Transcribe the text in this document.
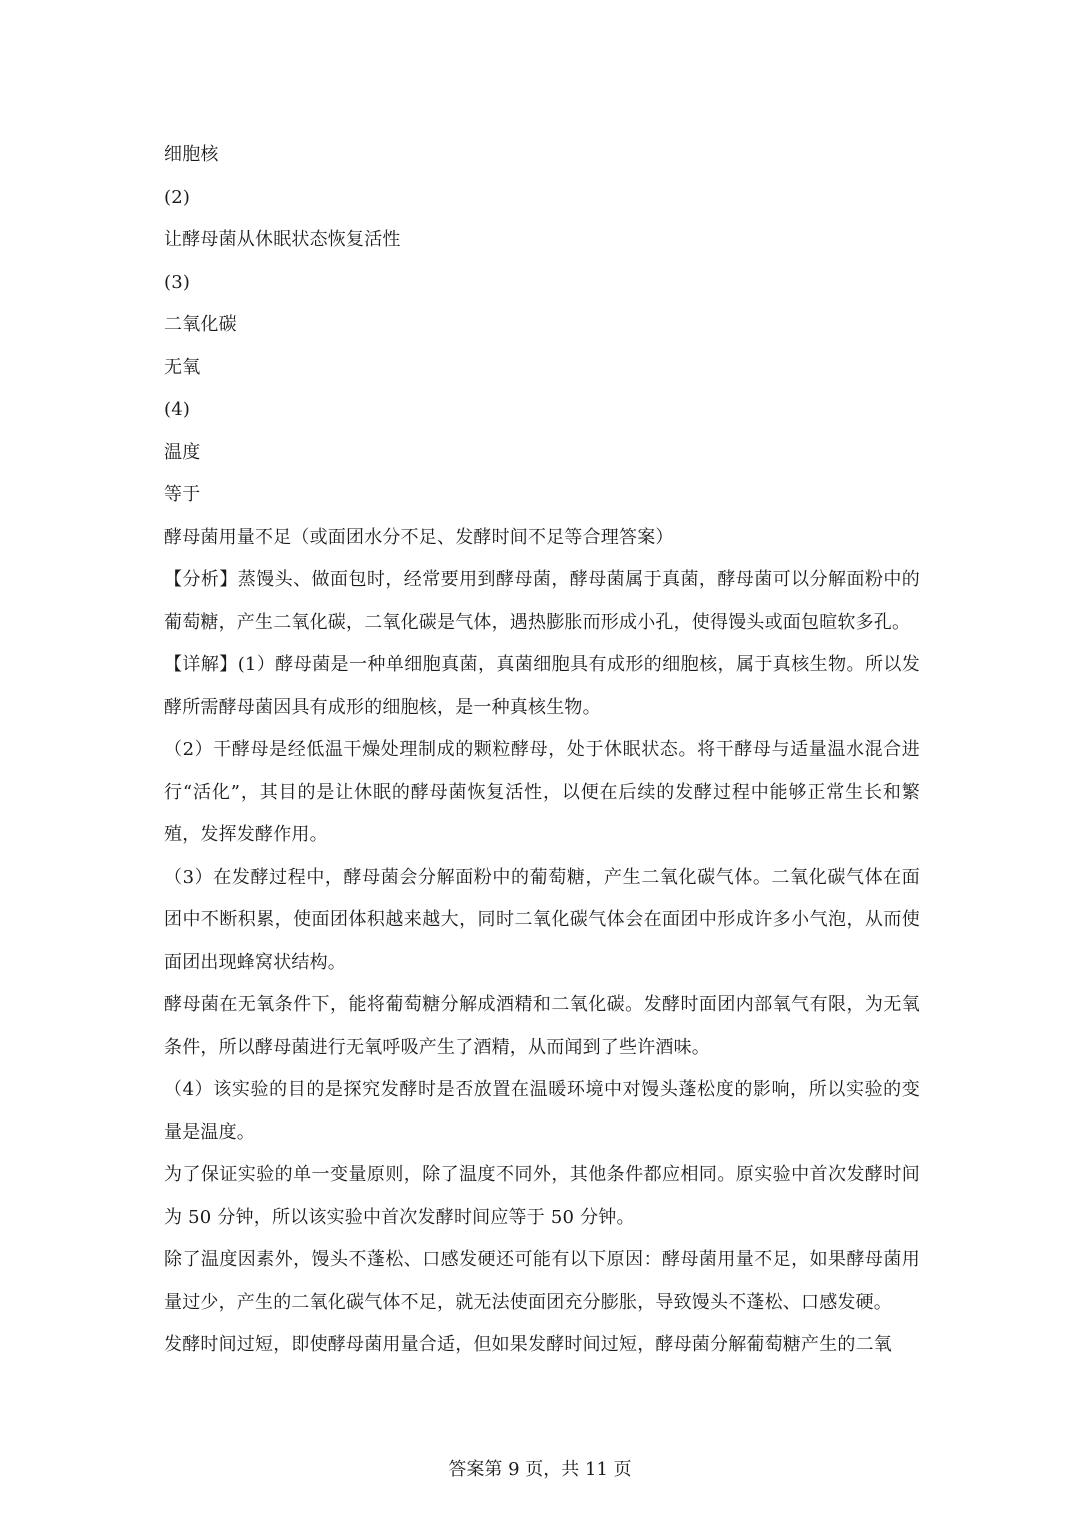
细胞核
(2)
让酵母菌从休眠状态恢复活性
(3)
二氧化碳
无氧
(4)
温度
等于
酵母菌用量不足（或面团水分不足、发酵时间不足等合理答案）

【分析】蒸馒头、做面包时，经常要用到酵母菌，酵母菌属于真菌，酵母菌可以分解面粉中的葡萄糖，产生二氧化碳，二氧化碳是气体，遇热膨胀而形成小孔，使得馒头或面包暄软多孔。

【详解】(1）酵母菌是一种单细胞真菌，真菌细胞具有成形的细胞核，属于真核生物。所以发酵所需酵母菌因具有成形的细胞核，是一种真核生物。

（2）干酵母是经低温干燥处理制成的颗粒酵母，处于休眠状态。将干酵母与适量温水混合进行“活化”，其目的是让休眠的酵母菌恢复活性，以便在后续的发酵过程中能够正常生长和繁殖，发挥发酵作用。

（3）在发酵过程中，酵母菌会分解面粉中的葡萄糖，产生二氧化碳气体。二氧化碳气体在面团中不断积累，使面团体积越来越大，同时二氧化碳气体会在面团中形成许多小气泡，从而使面团出现蜂窝状结构。

酵母菌在无氧条件下，能将葡萄糖分解成酒精和二氧化碳。发酵时面团内部氧气有限，为无氧条件，所以酵母菌进行无氧呼吸产生了酒精，从而闻到了些许酒味。

（4）该实验的目的是探究发酵时是否放置在温暖环境中对馒头蓬松度的影响，所以实验的变量是温度。

为了保证实验的单一变量原则，除了温度不同外，其他条件都应相同。原实验中首次发酵时间为 50 分钟，所以该实验中首次发酵时间应等于 50 分钟。

除了温度因素外，馒头不蓬松、口感发硬还可能有以下原因：酵母菌用量不足，如果酵母菌用量过少，产生的二氧化碳气体不足，就无法使面团充分膨胀，导致馒头不蓬松、口感发硬。

发酵时间过短，即使酵母菌用量合适，但如果发酵时间过短，酵母菌分解葡萄糖产生的二氧

答案第 9 页，共 11 页
